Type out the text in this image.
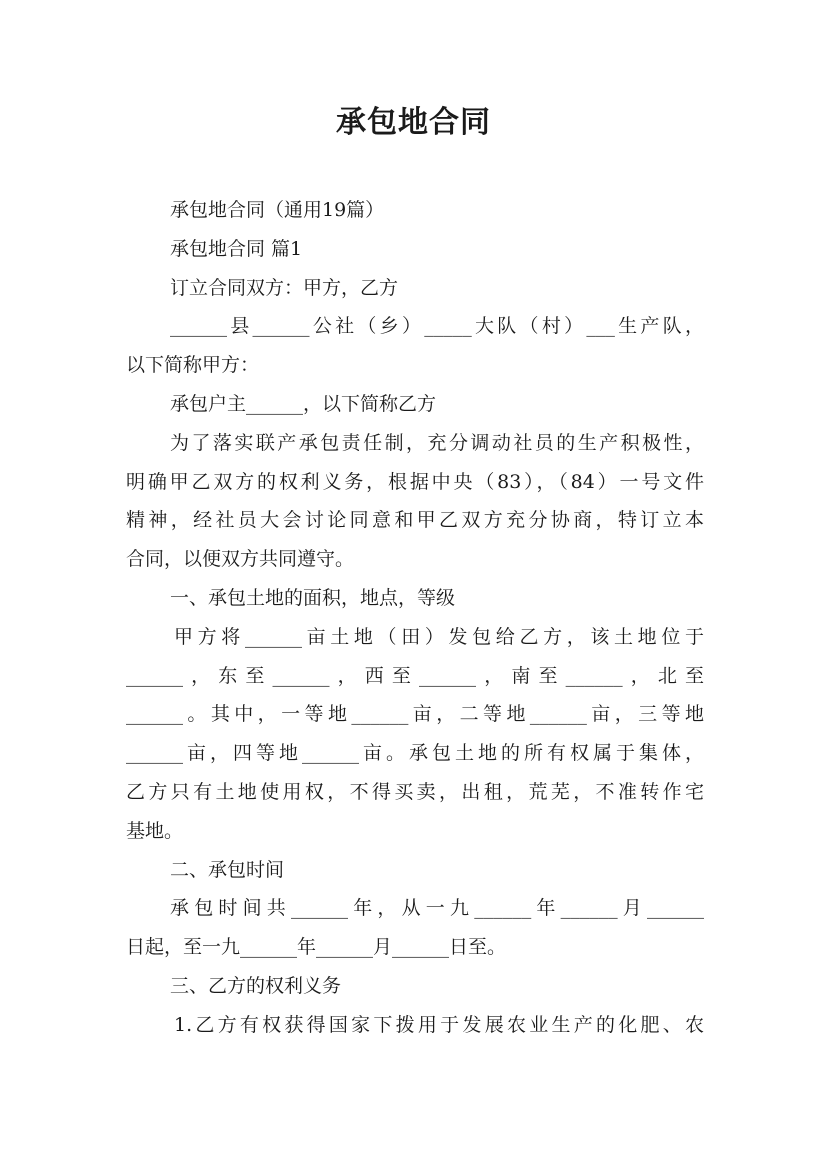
承包地合同
承包地合同（通用19篇）
承包地合同 篇1
订立合同双方：甲方，乙方
______县______公社（乡）_____大队（村）___生产队，
以下简称甲方：
承包户主______，以下简称乙方
为了落实联产承包责任制，充分调动社员的生产积极性，
明确甲乙双方的权利义务，根据中央（83），（84）一号文件
精神，经社员大会讨论同意和甲乙双方充分协商，特订立本
合同，以便双方共同遵守。
一、承包土地的面积，地点，等级
甲方将______亩土地（田）发包给乙方，该土地位于
______，东至______，西至______，南至______，北至
______。其中，一等地______亩，二等地______亩，三等地
______亩，四等地______亩。承包土地的所有权属于集体，
乙方只有土地使用权，不得买卖，出租，荒芜，不准转作宅
基地。
二、承包时间
承包时间共______年，从一九______年______月______
日起，至一九______年______月______日至。
三、乙方的权利义务
1.乙方有权获得国家下拨用于发展农业生产的化肥、农
